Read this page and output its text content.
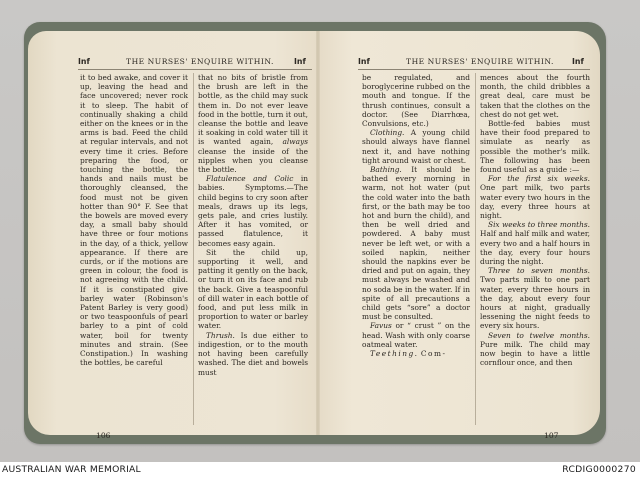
Inf	THE NURSES' ENQUIRE WITHIN.	Inf

it to bed awake, and cover it up, leaving the head and face uncovered; never rock it to sleep. The habit of continually shaking a child either on the knees or in the arms is bad. Feed the child at regular intervals, and not every time it cries. Before preparing the food, or touching the bottle, the hands and nails must be thoroughly cleansed, the food must not be given hotter than 90° F. See that the bowels are moved every day, a small baby should have three or four motions in the day, of a thick, yellow appearance. If there are curds, or if the motions are green in colour, the food is not agreeing with the child. If it is constipated give barley water (Robinson's Patent Barley is very good) or two teaspoonfuls of pearl barley to a pint of cold water, boil for twenty minutes and strain. (See Constipation.) In washing the bottles, be careful

that no bits of bristle from the brush are left in the bottle, as the child may suck them in. Do not ever leave food in the bottle, turn it out, cleanse the bottle and leave it soaking in cold water till it is wanted again, always cleanse the inside of the nipples when you cleanse the bottle.

Flatulence and Colic in babies. Symptoms.—The child begins to cry soon after meals, draws up its legs, gets pale, and cries lustily. After it has vomited, or passed flatulence, it becomes easy again.

Sit the child up, supporting it well, and patting it gently on the back, or turn it on its face and rub the back. Give a teaspoonful of dill water in each bottle of food, and put less milk in proportion to water or barley water.

Thrush. Is due either to indigestion, or to the mouth not having been carefully washed. The diet and bowels must

106
Inf	THE NURSES' ENQUIRE WITHIN. Inf

be regulated, and boroglycerine rubbed on the mouth and tongue. If the thrush continues, consult a doctor. (See Diarrhœa, Convulsions, etc.)

Clothing. A young child should always have flannel next it, and have nothing tight around waist or chest.

Bathing. It should be bathed every morning in warm, not hot water (put the cold water into the bath first, or the bath may be too hot and burn the child), and then be well dried and powdered. A baby must never be left wet, or with a soiled napkin, neither should the napkins ever be dried and put on again, they must always be washed and no soda be in the water. If in spite of all precautions a child gets “sore” a doctor must be consulted.

Favus or “ crust ” on the head. Wash with only coarse oatmeal water.

Teething. Com-

mences about the fourth month, the child dribbles a great deal, care must be taken that the clothes on the chest do not get wet.

Bottle-fed babies must have their food prepared to simulate as nearly as possible the mother's milk. The following has been found useful as a guide :—

For the first six weeks. One part milk, two parts water every two hours in the day, every three hours at night.

Six weeks to three months. Half and half milk and water, every two and a half hours in the day, every four hours during the night.

Three to seven months. Two parts milk to one part water, every three hours in the day, about every four hours at night, gradually lessening the night feeds to every six hours.

Seven to twelve months. Pure milk. The child may now begin to have a little cornflour once, and then

107
AUSTRALIAN WAR MEMORIAL	RCDIG0000270
